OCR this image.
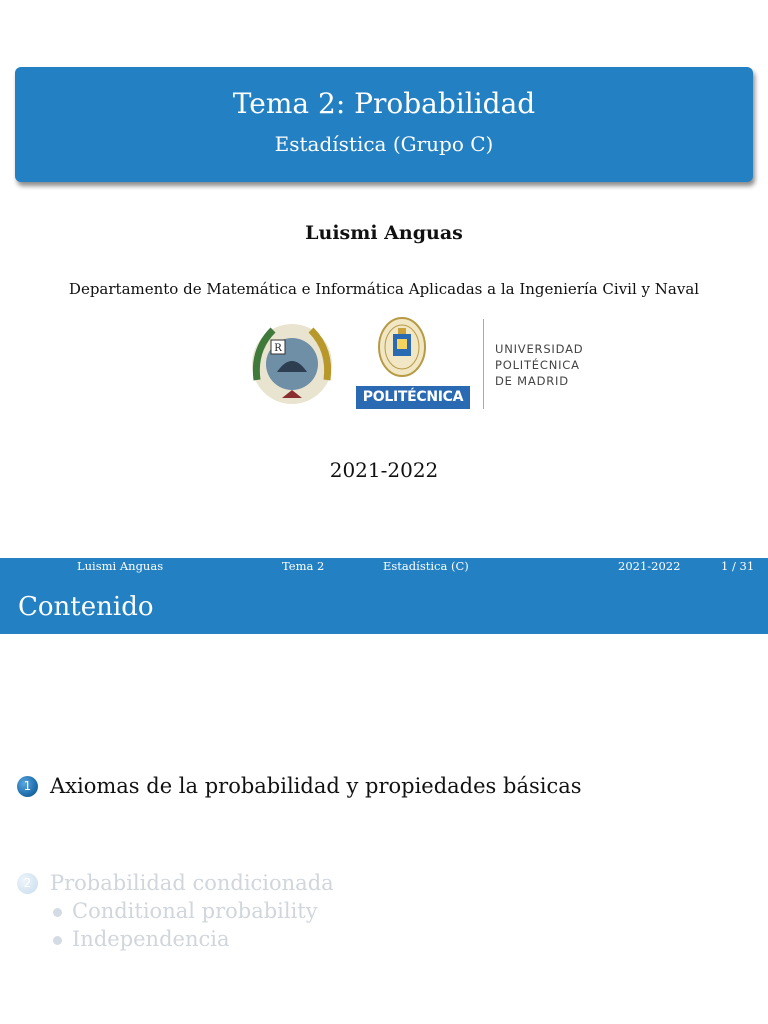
Tema 2: Probabilidad
Estadística (Grupo C)
Luismi Anguas
Departamento de Matemática e Informática Aplicadas a la Ingeniería Civil y Naval
R
POLITÉCNICA
UNIVERSIDAD
POLITÉCNICA
DE MADRID
2021-2022
Luismi Anguas	Tema 2	Estadística (C)	2021-2022	1 / 31
Contenido
1 Axiomas de la probabilidad y propiedades básicas
2 Probabilidad condicionada
Conditional probability
Independencia
